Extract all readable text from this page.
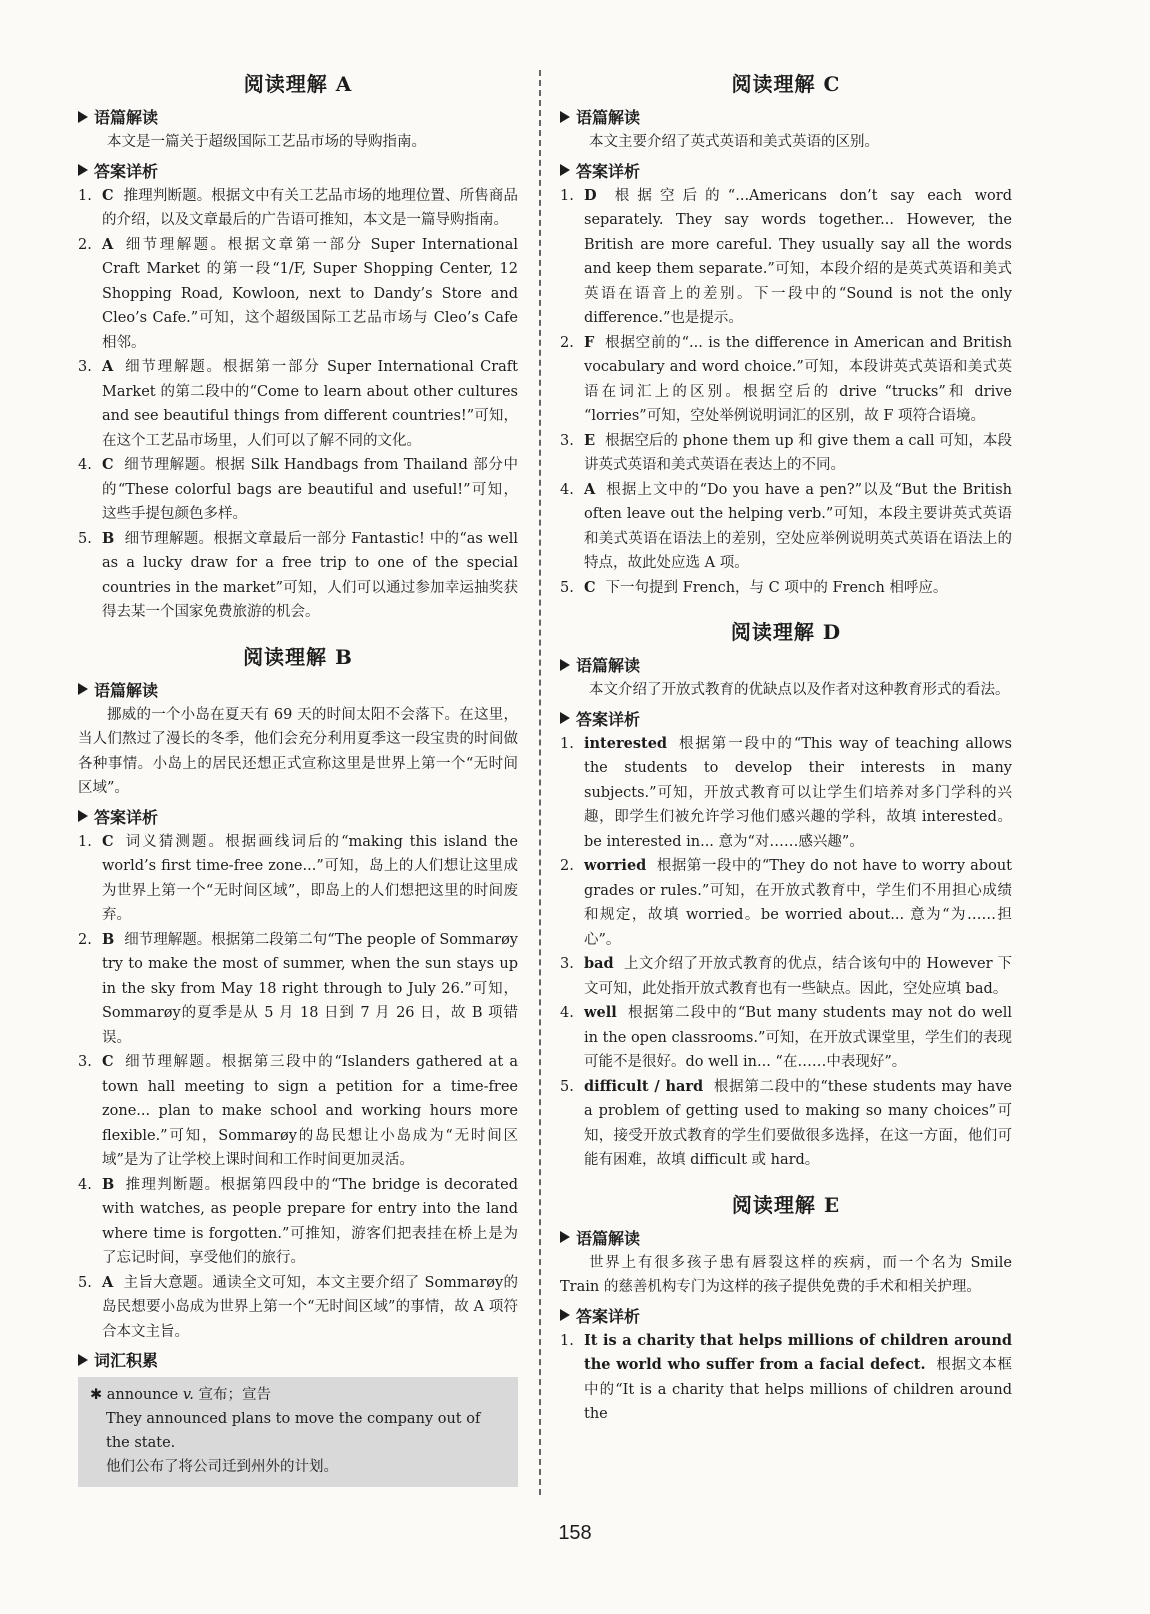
阅读理解 A
语篇解读

本文是一篇关于超级国际工艺品市场的导购指南。

答案详析
1. C 推理判断题。根据文中有关工艺品市场的地理位置、所售商品的介绍，以及文章最后的广告语可推知，本文是一篇导购指南。
2. A 细节理解题。根据文章第一部分 Super International Craft Market 的第一段“1/F, Super Shopping Center, 12 Shopping Road, Kowloon, next to Dandy’s Store and Cleo’s Cafe.”可知，这个超级国际工艺品市场与 Cleo’s Cafe 相邻。
3. A 细节理解题。根据第一部分 Super International Craft Market 的第二段中的“Come to learn about other cultures and see beautiful things from different countries!”可知，在这个工艺品市场里，人们可以了解不同的文化。
4. C 细节理解题。根据 Silk Handbags from Thailand 部分中的“These colorful bags are beautiful and useful!”可知，这些手提包颜色多样。
5. B 细节理解题。根据文章最后一部分 Fantastic! 中的“as well as a lucky draw for a free trip to one of the special countries in the market”可知，人们可以通过参加幸运抽奖获得去某一个国家免费旅游的机会。
阅读理解 B
语篇解读

挪威的一个小岛在夏天有 69 天的时间太阳不会落下。在这里，当人们熬过了漫长的冬季，他们会充分利用夏季这一段宝贵的时间做各种事情。小岛上的居民还想正式宣称这里是世界上第一个“无时间区域”。

答案详析
1. C 词义猜测题。根据画线词后的“making this island the world’s first time-free zone...”可知，岛上的人们想让这里成为世界上第一个“无时间区域”，即岛上的人们想把这里的时间废弃。
2. B 细节理解题。根据第二段第二句“The people of Sommarøy try to make the most of summer, when the sun stays up in the sky from May 18 right through to July 26.”可知，Sommarøy的夏季是从 5 月 18 日到 7 月 26 日，故 B 项错误。
3. C 细节理解题。根据第三段中的“Islanders gathered at a town hall meeting to sign a petition for a time-free zone... plan to make school and working hours more flexible.”可知，Sommarøy的岛民想让小岛成为“无时间区域”是为了让学校上课时间和工作时间更加灵活。
4. B 推理判断题。根据第四段中的“The bridge is decorated with watches, as people prepare for entry into the land where time is forgotten.”可推知，游客们把表挂在桥上是为了忘记时间，享受他们的旅行。
5. A 主旨大意题。通读全文可知，本文主要介绍了 Sommarøy的岛民想要小岛成为世界上第一个“无时间区域”的事情，故 A 项符合本文主旨。
词汇积累
✱ announce v. 宣布；宣告
They announced plans to move the company out of the state.
他们公布了将公司迁到州外的计划。
阅读理解 C
语篇解读

本文主要介绍了英式英语和美式英语的区别。

答案详析
1. D 根据空后的“...Americans don’t say each word separately. They say words together... However, the British are more careful. They usually say all the words and keep them separate.”可知，本段介绍的是英式英语和美式英语在语音上的差别。下一段中的“Sound is not the only difference.”也是提示。
2. F 根据空前的“... is the difference in American and British vocabulary and word choice.”可知，本段讲英式英语和美式英语在词汇上的区别。根据空后的 drive “trucks”和 drive “lorries”可知，空处举例说明词汇的区别，故 F 项符合语境。
3. E 根据空后的 phone them up 和 give them a call 可知，本段讲英式英语和美式英语在表达上的不同。
4. A 根据上文中的“Do you have a pen?”以及“But the British often leave out the helping verb.”可知，本段主要讲英式英语和美式英语在语法上的差别，空处应举例说明英式英语在语法上的特点，故此处应选 A 项。
5. C 下一句提到 French，与 C 项中的 French 相呼应。
阅读理解 D
语篇解读

本文介绍了开放式教育的优缺点以及作者对这种教育形式的看法。

答案详析
1. interested 根据第一段中的“This way of teaching allows the students to develop their interests in many subjects.”可知，开放式教育可以让学生们培养对多门学科的兴趣，即学生们被允许学习他们感兴趣的学科，故填 interested。be interested in... 意为“对……感兴趣”。
2. worried 根据第一段中的“They do not have to worry about grades or rules.”可知，在开放式教育中，学生们不用担心成绩和规定，故填 worried。be worried about... 意为“为……担心”。
3. bad 上文介绍了开放式教育的优点，结合该句中的 However 下文可知，此处指开放式教育也有一些缺点。因此，空处应填 bad。
4. well 根据第二段中的“But many students may not do well in the open classrooms.”可知，在开放式课堂里，学生们的表现可能不是很好。do well in... “在……中表现好”。
5. difficult / hard 根据第二段中的“these students may have a problem of getting used to making so many choices”可知，接受开放式教育的学生们要做很多选择，在这一方面，他们可能有困难，故填 difficult 或 hard。
阅读理解 E
语篇解读

世界上有很多孩子患有唇裂这样的疾病，而一个名为 Smile Train 的慈善机构专门为这样的孩子提供免费的手术和相关护理。

答案详析
1. It is a charity that helps millions of children around the world who suffer from a facial defect. 根据文本框中的“It is a charity that helps millions of children around the
158
